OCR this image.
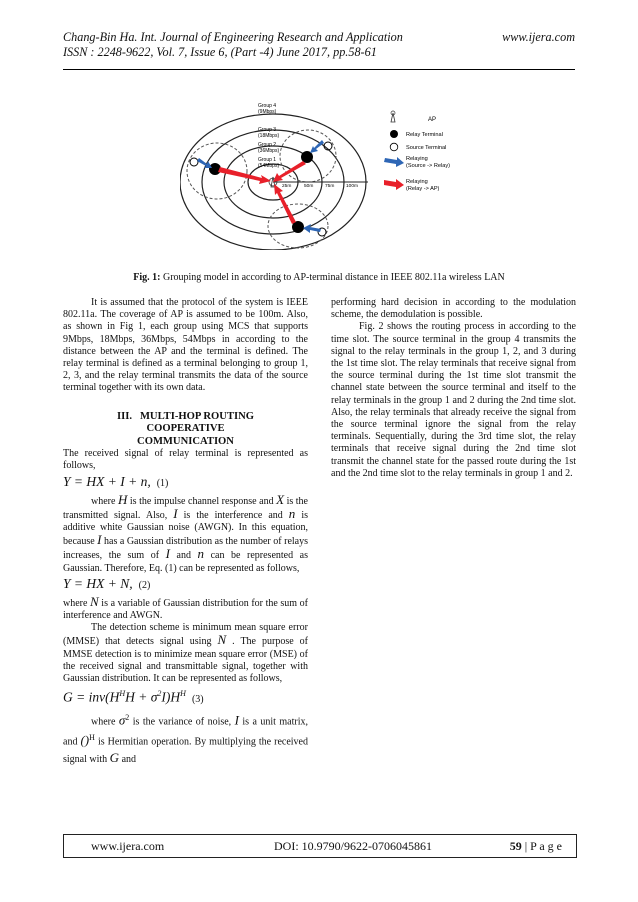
Chang-Bin Ha. Int. Journal of Engineering Research and Application
ISSN : 2248-9622, Vol. 7, Issue 6, (Part -4) June 2017, pp.58-61
www.ijera.com
25m	50m 75m 100m
Group 4
(9Mbps)
Group 3
(18Mbps)
Group 2
(36Mbps)
Group 1
(54Mbps)
AP
Relay Terminal
Source Terminal
Relaying
(Source -> Relay)
Relaying
(Relay -> AP)
Fig. 1: Grouping model in according to AP-terminal distance in IEEE 802.11a wireless LAN

It is assumed that the protocol of the system is IEEE 802.11a. The coverage of AP is assumed to be 100m. Also, as shown in Fig 1, each group using MCS that supports 9Mbps, 18Mbps, 36Mbps, 54Mbps in according to the distance between the AP and the terminal is defined. The relay terminal is defined as a terminal belonging to group 1, 2, 3, and the relay terminal transmits the data of the source terminal together with its own data.

III. MULTI-HOP ROUTING
COOPERATIVE
COMMUNICATION

The received signal of relay terminal is represented as follows,

Y = HX + I + n, (1)

where H is the impulse channel response and X is the transmitted signal. Also, I is the interference and n is additive white Gaussian noise (AWGN). In this equation, because I has a Gaussian distribution as the number of relays increases, the sum of I and n can be represented as Gaussian. Therefore, Eq. (1) can be represented as follows,

Y = HX + N, (2)

where N is a variable of Gaussian distribution for the sum of interference and AWGN.

The detection scheme is minimum mean square error (MMSE) that detects signal using N . The purpose of MMSE detection is to minimize mean square error (MSE) of the received signal and transmittable signal, together with Gaussian distribution. It can be represented as follows,

$G = inv(H^HH + \sigma^2I)H^H$ (3)

where $\sigma^2$ is the variance of noise, I is a unit matrix, and ()$^H$ is Hermitian operation. By multiplying the received signal with G and

performing hard decision in according to the modulation scheme, the demodulation is possible.

Fig. 2 shows the routing process in according to the time slot. The source terminal in the group 4 transmits the signal to the relay terminals in the group 1, 2, and 3 during the 1st time slot. The relay terminals that receive signal from the source terminal during the 1st time slot transmit the channel state between the source terminal and itself to the relay terminals in the group 1 and 2 during the 2nd time slot. Also, the relay terminals that already receive the signal from the source terminal ignore the signal from the relay terminals. Sequentially, during the 3rd time slot, the relay terminals that receive signal during the 2nd time slot transmit the channel state for the passed route during the 1st and the 2nd time slot to the relay terminals in group 1 and 2.

www.ijera.com	DOI: 10.9790/9622-0706045861	59 | P a g e
